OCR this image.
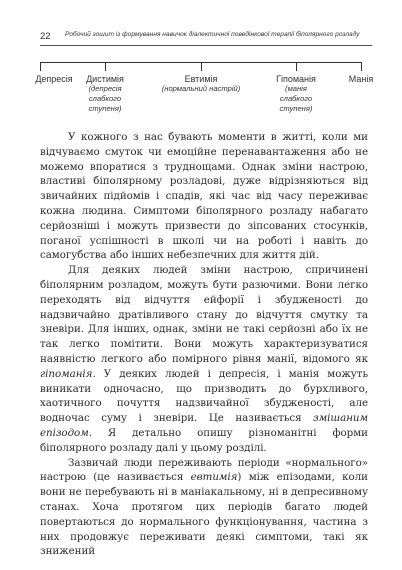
22 Робочий зошит із формування навичок діалектичної поведінкової терапії біполярного розладу
Депресія	Дистимія
(депресія слабкого ступеня)
Евтимія
(нормальний настрій)
Гіпоманія
(манія слабкого ступеня)
Манія

У кожного з нас бувають моменти в житті, коли ми відчуваємо смуток чи емоційне перенавантаження або не можемо впоратися з труднощами. Однак зміни настрою, властиві біполярному розладові, дуже відрізняються від звичайних підйомів і спадів, які час від часу переживає кожна людина. Симптоми біполярного розладу набагато серйозніші і можуть призвести до зіпсованих стосунків, поганої успішності в школі чи на роботі і навіть до самогубства або інших небезпечних для життя дій.

Для деяких людей зміни настрою, спричинені біполярним розладом, можуть бути разючими. Вони легко переходять від відчуття ейфорії і збудженості до надзвичайно дратівливого стану до відчуття смутку та зневіри. Для інших, однак, зміни не такі серйозні або їх не так легко помітити. Вони можуть характеризуватися наявністю легкого або помірного рівня манії, відомого як гіпоманія. У деяких людей і депресія, і манія можуть виникати одночасно, що призводить до бурхливого, хаотичного почуття надзвичайної збудженості, але водночас суму і зневіри. Це називається змішаним епізодом. Я детально опишу різноманітні форми біполярного розладу далі у цьому розділі.

Зазвичай люди переживають періоди «нормального» настрою (це називається евтимія) між епізодами, коли вони не перебувають ні в маніакальному, ні в депресивному станах. Хоча протягом цих періодів багато людей повертаються до нормального функціонування, частина з них продовжує переживати деякі симптоми, такі як знижений
